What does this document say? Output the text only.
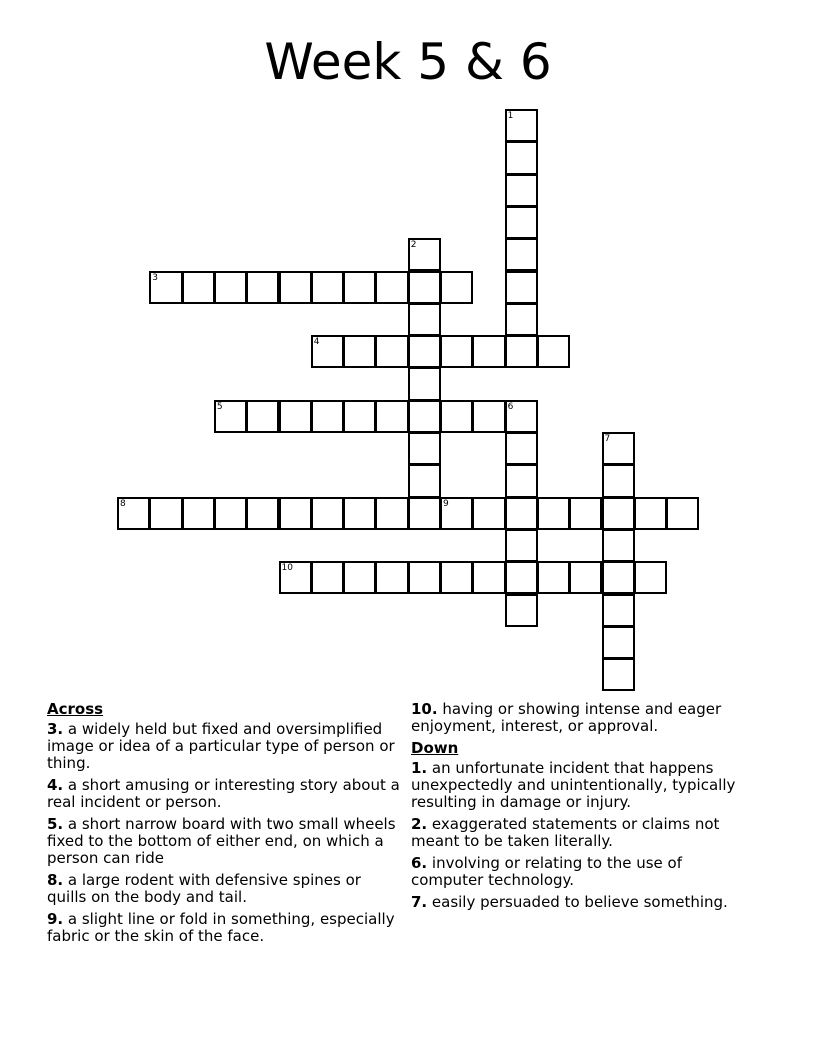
Week 5 & 6
1
2
3
4
5	6
7
8	9
10
Across
3. a widely held but fixed and oversimplified image or idea of a particular type of person or thing.
4. a short amusing or interesting story about a real incident or person.
5. a short narrow board with two small wheels fixed to the bottom of either end, on which a person can ride
8. a large rodent with defensive spines or quills on the body and tail.
9. a slight line or fold in something, especially fabric or the skin of the face.
10. having or showing intense and eager enjoyment, interest, or approval.
Down
1. an unfortunate incident that happens unexpectedly and unintentionally, typically resulting in damage or injury.
2. exaggerated statements or claims not meant to be taken literally.
6. involving or relating to the use of computer technology.
7. easily persuaded to believe something.
